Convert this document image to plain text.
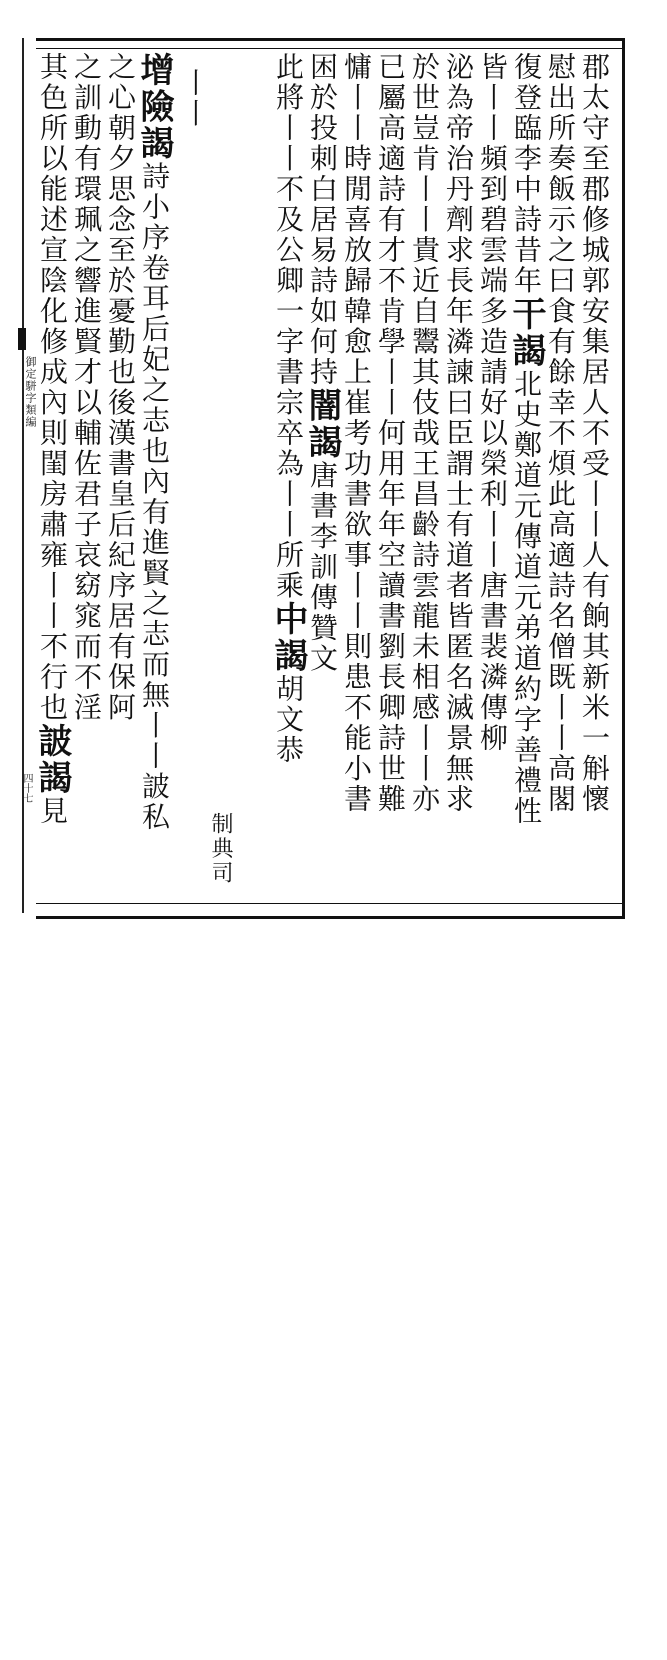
御定駢字類編
四十七	郡太守至郡修城郭安集居人不受丨丨人有餉其新米一斛懷
慰出所奏飯示之曰食有餘幸不煩此高適詩名僧既丨丨高閣
復登臨李中詩昔年干謁北史鄭道元傳道元弟道約字善禮性
皆丨丨頻到碧雲端多造請好以榮利丨丨唐書裴潾傳柳
泌為帝治丹劑求長年潾諫曰臣謂士有道者皆匿名滅景無求
於世豈肯丨丨貴近自鬻其伎哉王昌齡詩雲龍未相感丨丨亦
已屬高適詩有才不肯學丨丨何用年年空讀書劉長卿詩世難
慵丨丨時閒喜放歸韓愈上崔考功書欲事丨丨則患不能小書
困於投刺白居易詩如何持闇謁唐書李訓傳贊文
此將丨丨不及公卿一字書宗卒為丨丨所乘中謁胡文恭
制典司
丨丨
增險謁詩小序卷耳后妃之志也內有進賢之志而無丨丨詖私
之心朝夕思念至於憂勤也後漢書皇后紀序居有保阿
之訓動有環珮之響進賢才以輔佐君子哀窈窕而不淫
其色所以能述宣陰化修成內則閨房肅雍丨丨不行也詖謁見
